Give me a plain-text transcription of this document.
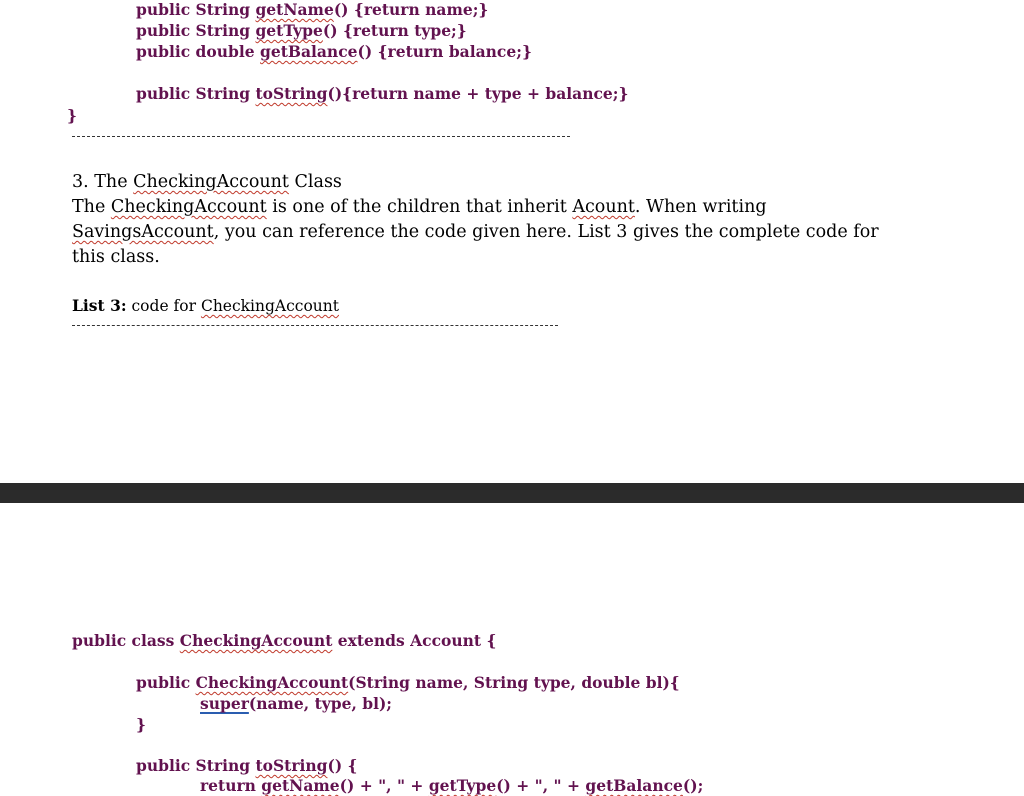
public String getName() {return name;}
public String getType() {return type;}
public double getBalance() {return balance;}
public String toString(){return name + type + balance;}
}
3. The CheckingAccount Class
The CheckingAccount is one of the children that inherit Acount. When writing
SavingsAccount, you can reference the code given here. List 3 gives the complete code for
this class.
List 3: code for CheckingAccount
public class CheckingAccount extends Account {
public CheckingAccount(String name, String type, double bl){
super(name, type, bl);
}
public String toString() {
return getName() + ", " + getType() + ", " + getBalance();
